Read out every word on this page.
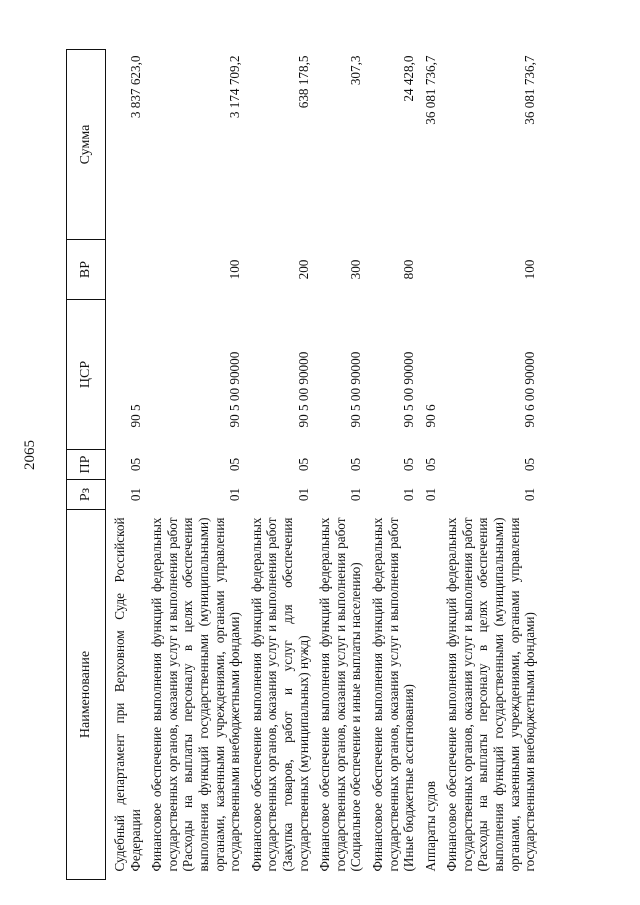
2065
Наименование	Рз	ПР	ЦСР	ВР	Сумма
Судебный департамент при Верховном Суде Российской Федерации	01	05	90 5		3 837 623,0
Финансовое обеспечение выполнения функций федеральных государственных органов, оказания услуг и выполнения работ (Расходы на выплаты персоналу в целях обеспечения выполнения функций государственными (муниципальными) органами, казенными учреждениями, органами управления государственными внебюджетными фондами)	01	05	90 5 00 90000	100	3 174 709,2
Финансовое обеспечение выполнения функций федеральных государственных органов, оказания услуг и выполнения работ (Закупка товаров, работ и услуг для обеспечения государственных (муниципальных) нужд)	01	05	90 5 00 90000	200	638 178,5
Финансовое обеспечение выполнения функций федеральных государственных органов, оказания услуг и выполнения работ (Социальное обеспечение и иные выплаты населению)	01	05	90 5 00 90000	300	307,3
Финансовое обеспечение выполнения функций федеральных государственных органов, оказания услуг и выполнения работ (Иные бюджетные ассигнования)	01	05	90 5 00 90000	800	24 428,0
Аппараты судов	01	05	90 6		36 081 736,7
Финансовое обеспечение выполнения функций федеральных государственных органов, оказания услуг и выполнения работ (Расходы на выплаты персоналу в целях обеспечения выполнения функций государственными (муниципальными) органами, казенными учреждениями, органами управления государственными внебюджетными фондами)	01	05	90 6 00 90000	100	36 081 736,7
